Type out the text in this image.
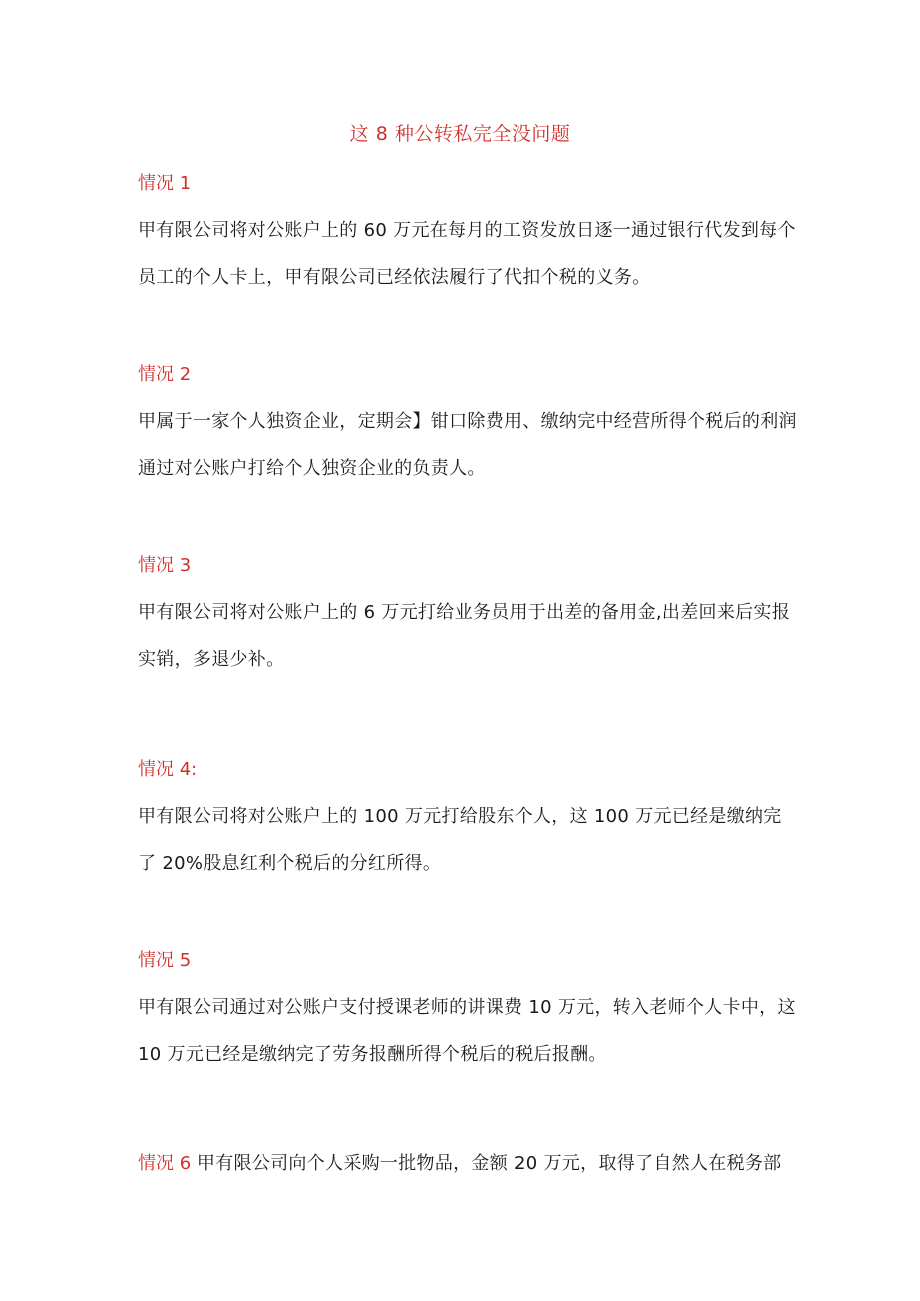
这 8 种公转私完全没问题
情况 1
甲有限公司将对公账户上的 60 万元在每月的工资发放日逐一通过银行代发到每个员工的个人卡上，甲有限公司已经依法履行了代扣个税的义务。
情况 2
甲属于一家个人独资企业，定期会】钳口除费用、缴纳完中经营所得个税后的利润通过对公账户打给个人独资企业的负责人。
情况 3
甲有限公司将对公账户上的 6 万元打给业务员用于出差的备用金,出差回来后实报实销，多退少补。
情况 4:
甲有限公司将对公账户上的 100 万元打给股东个人，这 100 万元已经是缴纳完了 20%股息红利个税后的分红所得。
情况 5
甲有限公司通过对公账户支付授课老师的讲课费 10 万元，转入老师个人卡中，这 10 万元已经是缴纳完了劳务报酬所得个税后的税后报酬。
情况 6 甲有限公司向个人采购一批物品，金额 20 万元，取得了自然人在税务部
